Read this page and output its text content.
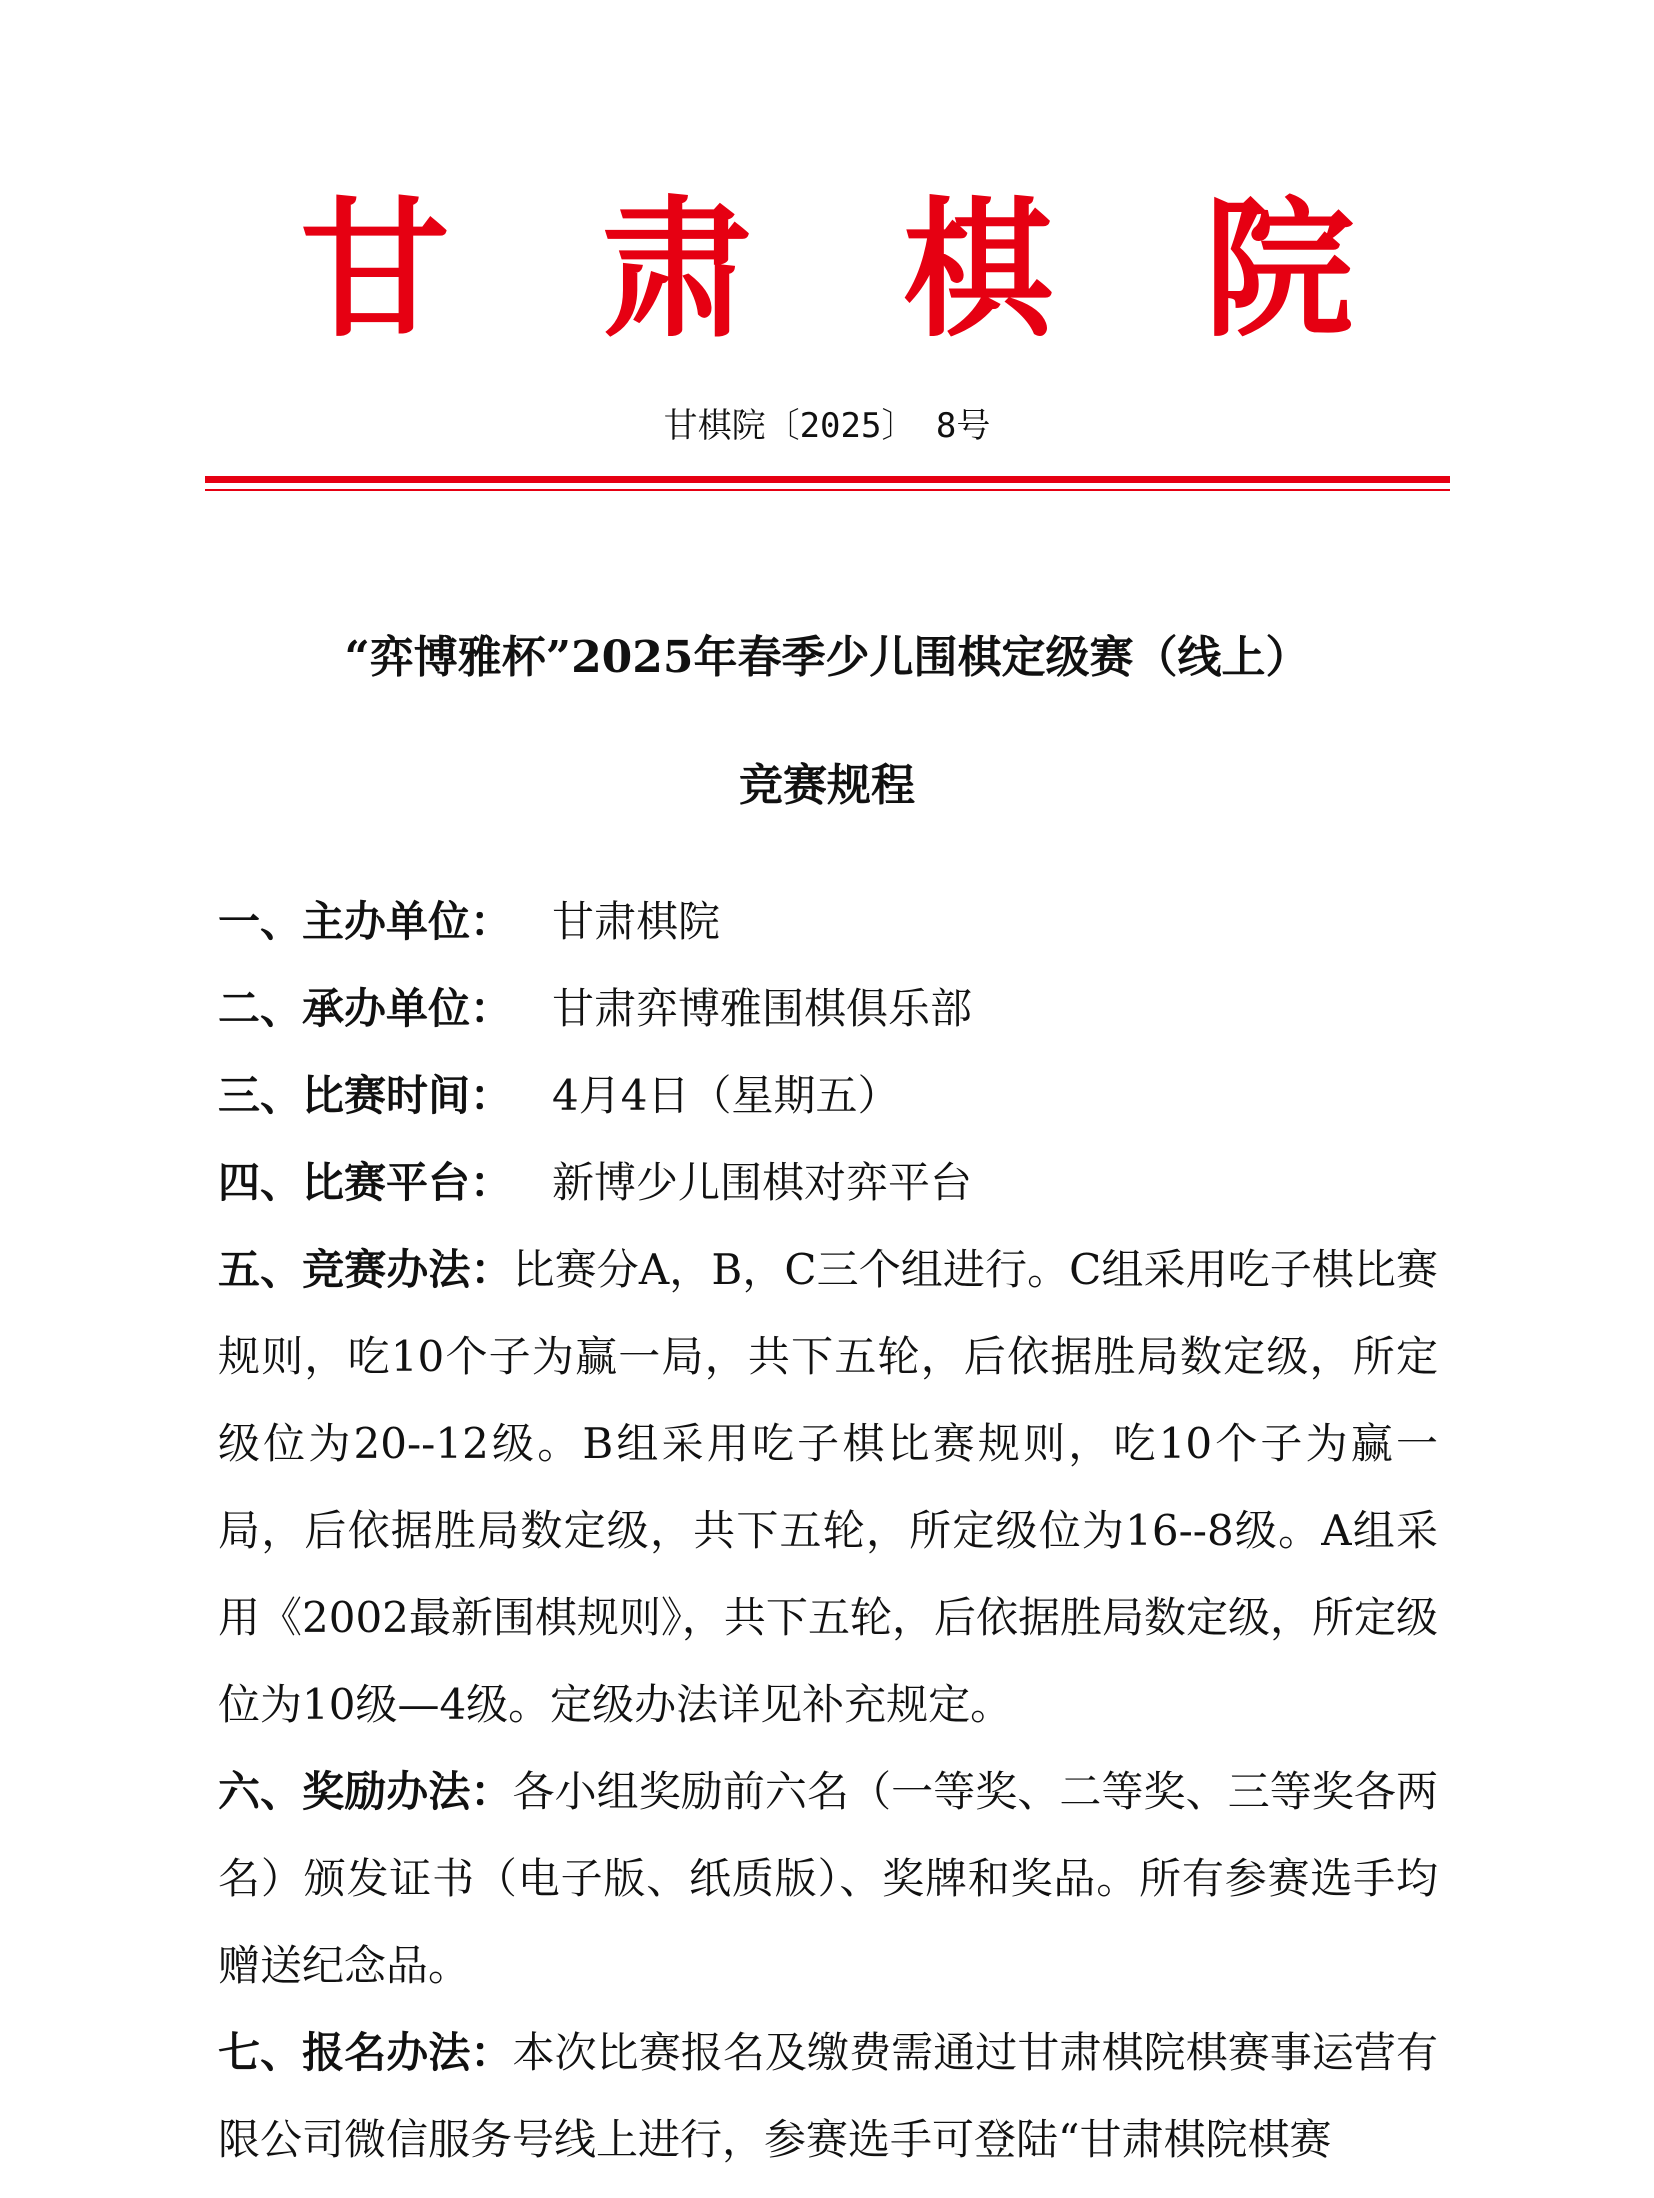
甘 肃 棋 院
甘棋院〔2025〕 8号
“弈博雅杯”2025年春季少儿围棋定级赛（线上）
竞赛规程

一、主办单位： 甘肃棋院

二、承办单位： 甘肃弈博雅围棋俱乐部

三、比赛时间： 4月4日（星期五）

四、比赛平台： 新博少儿围棋对弈平台

五、竞赛办法：比赛分A，B，C三个组进行。C组采用吃子棋比赛规则，吃10个子为赢一局，共下五轮，后依据胜局数定级，所定级位为20--12级。B组采用吃子棋比赛规则，吃10个子为赢一局，后依据胜局数定级，共下五轮，所定级位为16--8级。A组采用《2002最新围棋规则》，共下五轮，后依据胜局数定级，所定级位为10级—4级。定级办法详见补充规定。

六、奖励办法：各小组奖励前六名（一等奖、二等奖、三等奖各两名）颁发证书（电子版、纸质版）、奖牌和奖品。所有参赛选手均赠送纪念品。

七、报名办法：本次比赛报名及缴费需通过甘肃棋院棋赛事运营有限公司微信服务号线上进行，参赛选手可登陆“甘肃棋院棋赛
